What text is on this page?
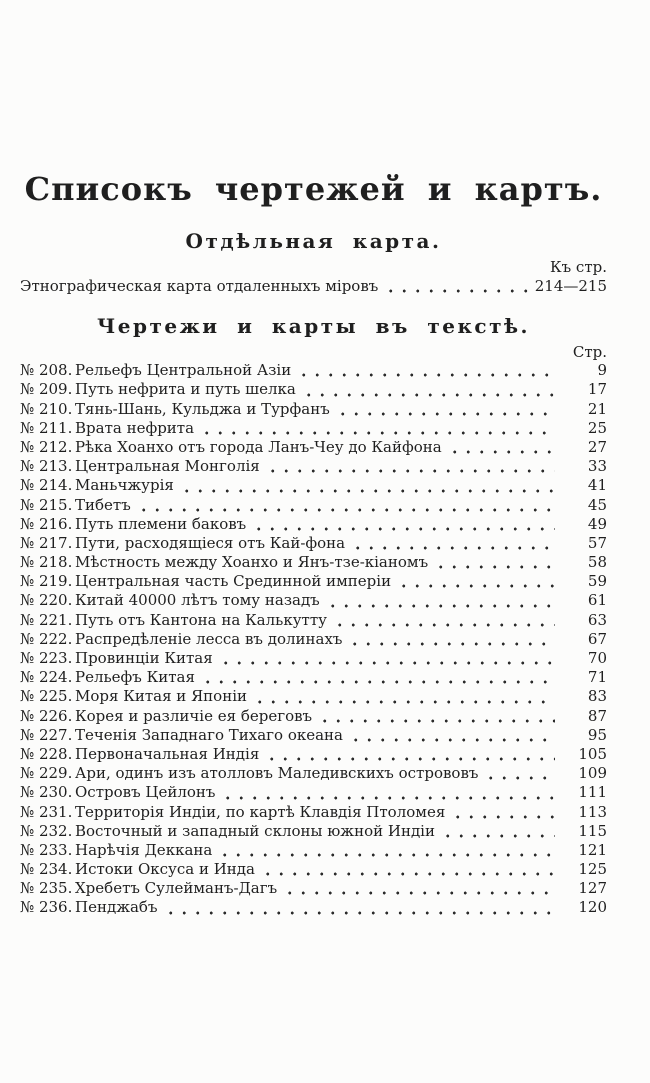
Списокъ чертежей и картъ.
Отдѣльная карта.
Къ стр.
Этнографическая карта отдаленныхъ міровъ	214—215
Чертежи и карты въ текстѣ.
Стр.
№ 208. Рельефъ Центральной Азіи	9
№ 209. Путь нефрита и путь шелка	17
№ 210. Тянь-Шань, Кульджа и Турфанъ	21
№ 211. Врата нефрита	25
№ 212. Рѣка Хоанхо отъ города Ланъ-Чеу до Кайфона	27
№ 213. Центральная Монголія	33
№ 214. Маньчжурія	41
№ 215. Тибетъ	45
№ 216. Путь племени баковъ	49
№ 217. Пути, расходящіеся отъ Кай-фона	57
№ 218. Мѣстность между Хоанхо и Янъ-тзе-кіаномъ	58
№ 219. Центральная часть Срединной имперіи	59
№ 220. Китай 40000 лѣтъ тому назадъ	61
№ 221. Путь отъ Кантона на Калькутту	63
№ 222. Распредѣленіе лесса въ долинахъ	67
№ 223. Провинціи Китая	70
№ 224. Рельефъ Китая	71
№ 225. Моря Китая и Японіи	83
№ 226. Корея и различіе ея береговъ	87
№ 227. Теченія Западнаго Тихаго океана	95
№ 228. Первоначальная Индія	105
№ 229. Ари, одинъ изъ атолловъ Маледивскихъ острововъ	109
№ 230. Островъ Цейлонъ	111
№ 231. Территорія Индіи, по картѣ Клавдія Птоломея	113
№ 232. Восточный и западный склоны южной Индіи	115
№ 233. Нарѣчія Деккана	121
№ 234. Истоки Оксуса и Инда	125
№ 235. Хребетъ Сулейманъ-Дагъ	127
№ 236. Пенджабъ	120
